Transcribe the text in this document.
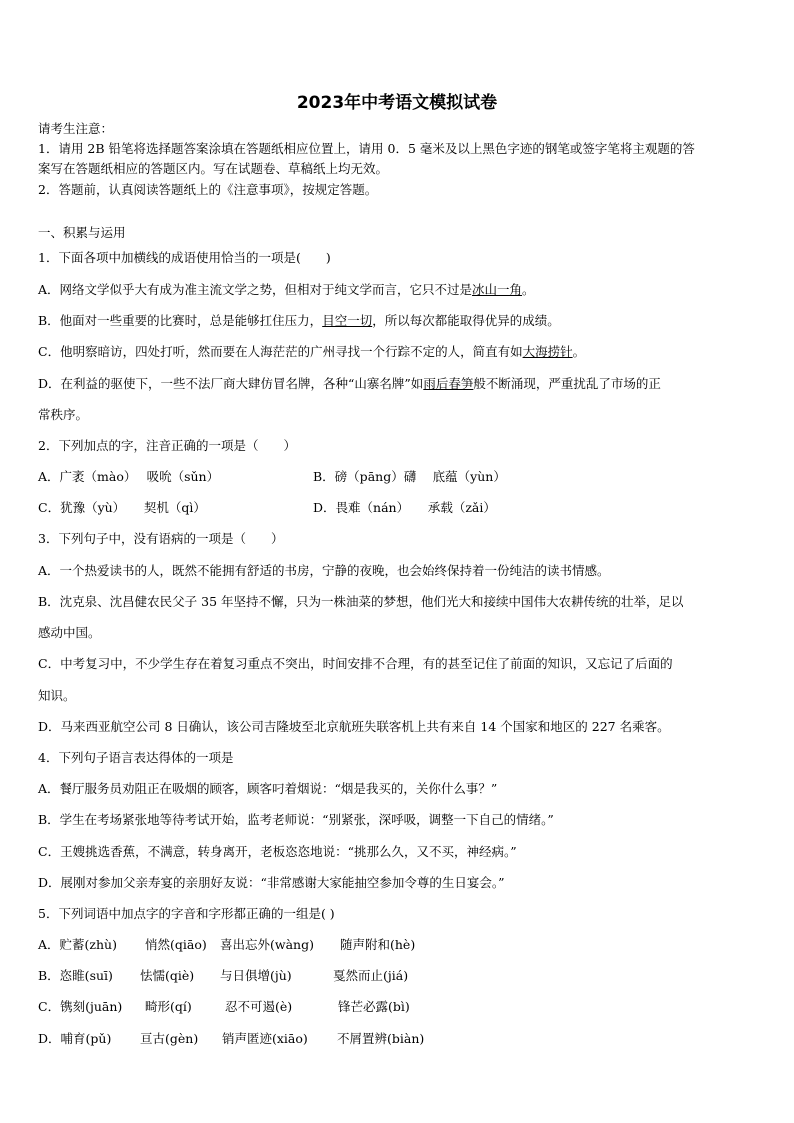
2023年中考语文模拟试卷
请考生注意：
1．请用 2B 铅笔将选择题答案涂填在答题纸相应位置上，请用 0．5 毫米及以上黑色字迹的钢笔或签字笔将主观题的答
案写在答题纸相应的答题区内。写在试题卷、草稿纸上均无效。
2．答题前，认真阅读答题纸上的《注意事项》，按规定答题。
一、积累与运用
1．下面各项中加横线的成语使用恰当的一项是(　　)
A．网络文学似乎大有成为准主流文学之势，但相对于纯文学而言，它只不过是冰山一角。
B．他面对一些重要的比赛时，总是能够扛住压力，目空一切，所以每次都能取得优异的成绩。
C．他明察暗访，四处打听，然而要在人海茫茫的广州寻找一个行踪不定的人，简直有如大海捞针。
D．在利益的驱使下，一些不法厂商大肆仿冒名牌，各种“山寨名牌”如雨后春笋般不断涌现，严重扰乱了市场的正
常秩序。
2．下列加点的字，注音正确的一项是（　　）
A．广袤（mào）　 吸吮（sǔn）	B．磅（pāng）礴　 底蕴（yùn）
C．犹豫（yù）　　契机（qì）	D．畏难（nán）　　承载（zǎi）
3．下列句子中，没有语病的一项是（　　）
A．一个热爱读书的人，既然不能拥有舒适的书房，宁静的夜晚，也会始终保持着一份纯洁的读书情感。
B．沈克泉、沈昌健农民父子 35 年坚持不懈，只为一株油菜的梦想，他们光大和接续中国伟大农耕传统的壮举，足以
感动中国。
C．中考复习中，不少学生存在着复习重点不突出，时间安排不合理，有的甚至记住了前面的知识，又忘记了后面的
知识。
D．马来西亚航空公司 8 日确认，该公司吉隆坡至北京航班失联客机上共有来自 14 个国家和地区的 227 名乘客。
4．下列句子语言表达得体的一项是
A．餐厅服务员劝阻正在吸烟的顾客，顾客叼着烟说：“烟是我买的，关你什么事？”
B．学生在考场紧张地等待考试开始，监考老师说：“别紧张，深呼吸，调整一下自己的情绪。”
C．王嫂挑选香蕉，不满意，转身离开，老板恣恣地说：“挑那么久，又不买，神经病。”
D．展刚对参加父亲寿宴的亲朋好友说：“非常感谢大家能抽空参加令尊的生日宴会。”
5．下列词语中加点字的字音和字形都正确的一组是( )
A．贮蓄(zhù) 悄然(qiāo) 喜出忘外(wàng) 随声附和(hè)
B．恣睢(suī) 怯懦(qiè) 与日俱增(jù)	戛然而止(jiá)
C．镌刻(juān) 畸形(qí)	忍不可遏(è)	锋芒必露(bì)
D．哺育(pǔ) 亘古(gèn) 销声匿迹(xiāo) 不屑置辨(biàn)
